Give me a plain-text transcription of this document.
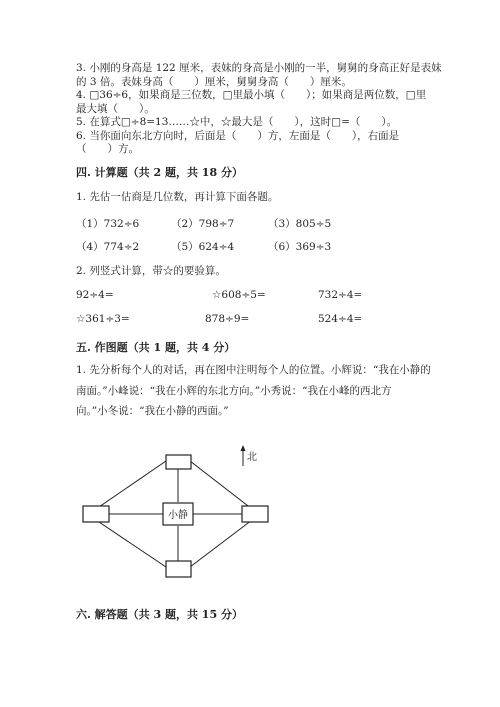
3. 小刚的身高是 122 厘米，表妹的身高是小刚的一半，舅舅的身高正好是表妹
的 3 倍。表妹身高（　　）厘米，舅舅身高（　　）厘米。
4. □36÷6，如果商是三位数，□里最小填（　　）；如果商是两位数，□里
最大填（　　）。
5. 在算式□÷8=13……☆中，☆最大是（　　），这时□=（　　）。
6. 当你面向东北方向时，后面是（　　）方，左面是（　　），右面是
（　　）方。
四. 计算题（共 2 题，共 18 分）
1. 先估一估商是几位数，再计算下面各题。
（1）732÷6	（2）798÷7	（3）805÷5
（4）774÷2	（5）624÷4	（6）369÷3
2. 列竖式计算，带☆的要验算。
92÷4=	☆608÷5=	732÷4=
☆361÷3=	878÷9=	524÷4=
五. 作图题（共 1 题，共 4 分）
1. 先分析每个人的对话，再在图中注明每个人的位置。小辉说：“我在小静的
南面。”小峰说：“我在小辉的东北方向。”小秀说：“我在小峰的西北方
向。”小冬说：“我在小静的西面。”
小静
北
六. 解答题（共 3 题，共 15 分）
